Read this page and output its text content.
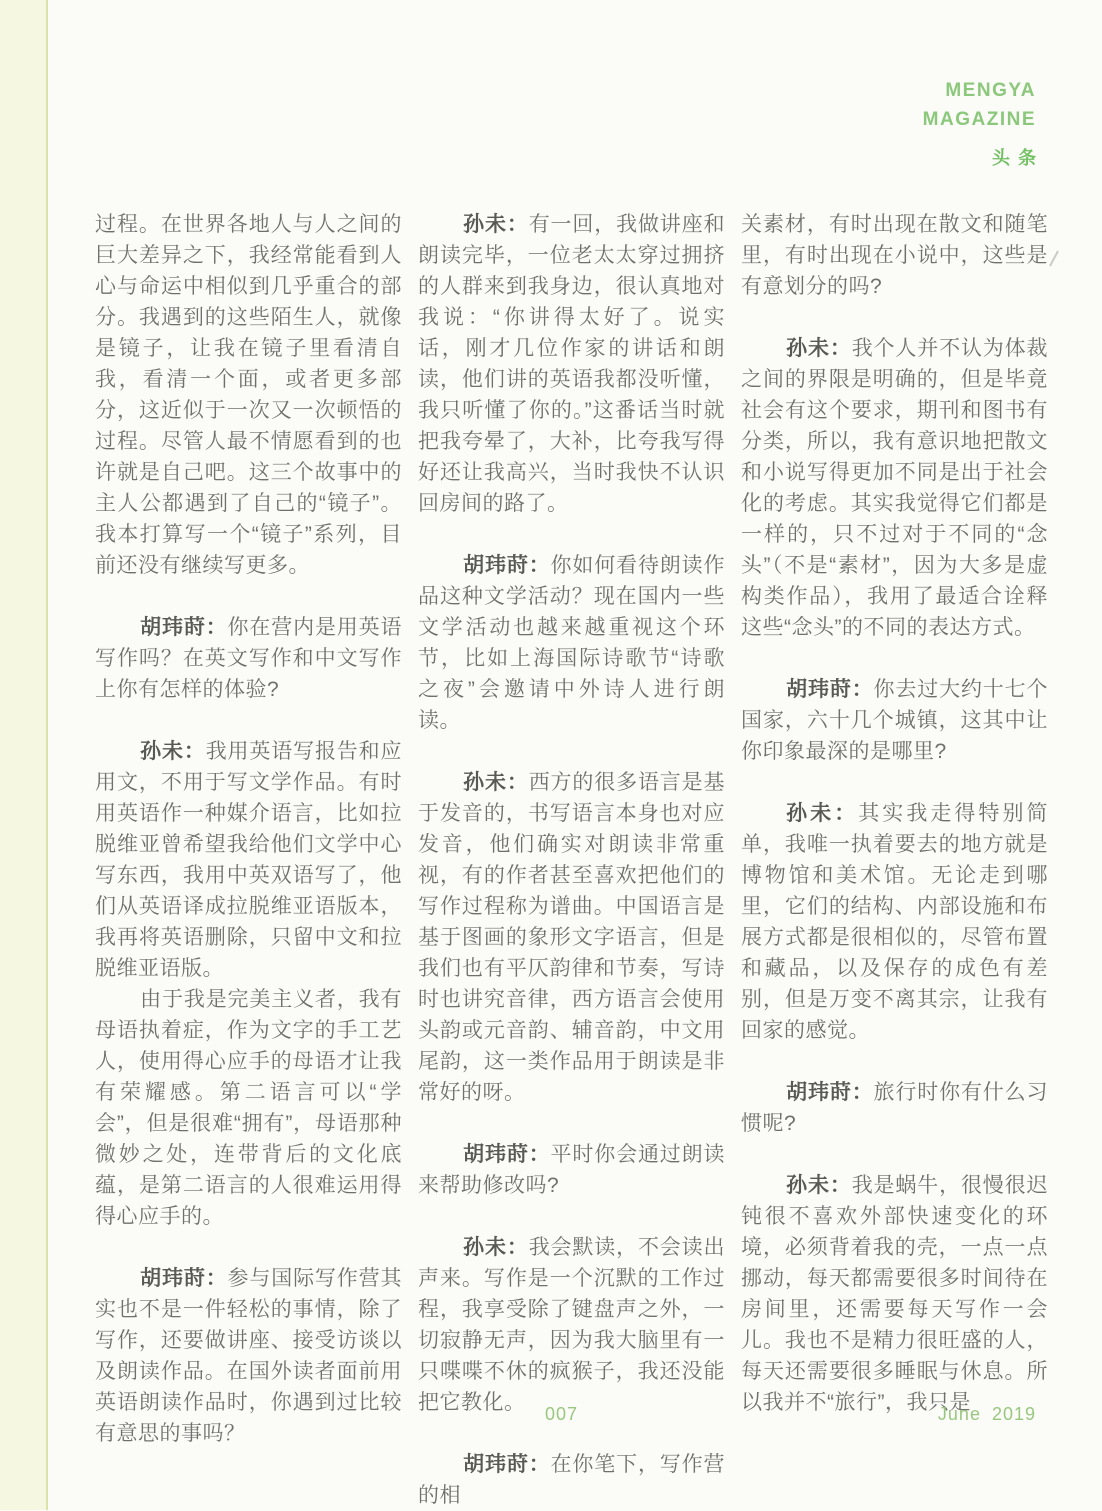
MENGYA
MAGAZINE
头条

过程。在世界各地人与人之间的巨大差异之下，我经常能看到人心与命运中相似到几乎重合的部分。我遇到的这些陌生人，就像是镜子，让我在镜子里看清自我，看清一个面，或者更多部分，这近似于一次又一次顿悟的过程。尽管人最不情愿看到的也许就是自己吧。这三个故事中的主人公都遇到了自己的“镜子”。我本打算写一个“镜子”系列，目前还没有继续写更多。

胡玮莳：你在营内是用英语写作吗？在英文写作和中文写作上你有怎样的体验?

孙未：我用英语写报告和应用文，不用于写文学作品。有时用英语作一种媒介语言，比如拉脱维亚曾希望我给他们文学中心写东西，我用中英双语写了，他们从英语译成拉脱维亚语版本，我再将英语删除，只留中文和拉脱维亚语版。

由于我是完美主义者，我有母语执着症，作为文字的手工艺人，使用得心应手的母语才让我有荣耀感。第二语言可以“学会”，但是很难“拥有”，母语那种微妙之处，连带背后的文化底蕴，是第二语言的人很难运用得得心应手的。

胡玮莳：参与国际写作营其实也不是一件轻松的事情，除了写作，还要做讲座、接受访谈以及朗读作品。在国外读者面前用英语朗读作品时，你遇到过比较有意思的事吗？

孙未：有一回，我做讲座和朗读完毕，一位老太太穿过拥挤的人群来到我身边，很认真地对我说：“你讲得太好了。说实话，刚才几位作家的讲话和朗读，他们讲的英语我都没听懂，我只听懂了你的。”这番话当时就把我夸晕了，大补，比夸我写得好还让我高兴，当时我快不认识回房间的路了。

胡玮莳：你如何看待朗读作品这种文学活动？现在国内一些文学活动也越来越重视这个环节，比如上海国际诗歌节“诗歌之夜”会邀请中外诗人进行朗读。

孙未：西方的很多语言是基于发音的，书写语言本身也对应发音，他们确实对朗读非常重视，有的作者甚至喜欢把他们的写作过程称为谱曲。中国语言是基于图画的象形文字语言，但是我们也有平仄韵律和节奏，写诗时也讲究音律，西方语言会使用头韵或元音韵、辅音韵，中文用尾韵，这一类作品用于朗读是非常好的呀。

胡玮莳：平时你会通过朗读来帮助修改吗?

孙未：我会默读，不会读出声来。写作是一个沉默的工作过程，我享受除了键盘声之外，一切寂静无声，因为我大脑里有一只喋喋不休的疯猴子，我还没能把它教化。

胡玮莳：在你笔下，写作营的相

关素材，有时出现在散文和随笔里，有时出现在小说中，这些是有意划分的吗?

孙未：我个人并不认为体裁之间的界限是明确的，但是毕竟社会有这个要求，期刊和图书有分类，所以，我有意识地把散文和小说写得更加不同是出于社会化的考虑。其实我觉得它们都是一样的，只不过对于不同的“念头”（不是“素材”，因为大多是虚构类作品），我用了最适合诠释这些“念头”的不同的表达方式。

胡玮莳：你去过大约十七个国家，六十几个城镇，这其中让你印象最深的是哪里?

孙未：其实我走得特别简单，我唯一执着要去的地方就是博物馆和美术馆。无论走到哪里，它们的结构、内部设施和布展方式都是很相似的，尽管布置和藏品，以及保存的成色有差别，但是万变不离其宗，让我有回家的感觉。

胡玮莳：旅行时你有什么习惯呢?

孙未：我是蜗牛，很慢很迟钝很不喜欢外部快速变化的环境，必须背着我的壳，一点一点挪动，每天都需要很多时间待在房间里，还需要每天写作一会儿。我也不是精力很旺盛的人，每天还需要很多睡眠与休息。所以我并不“旅行”，我只是

007	June 2019
